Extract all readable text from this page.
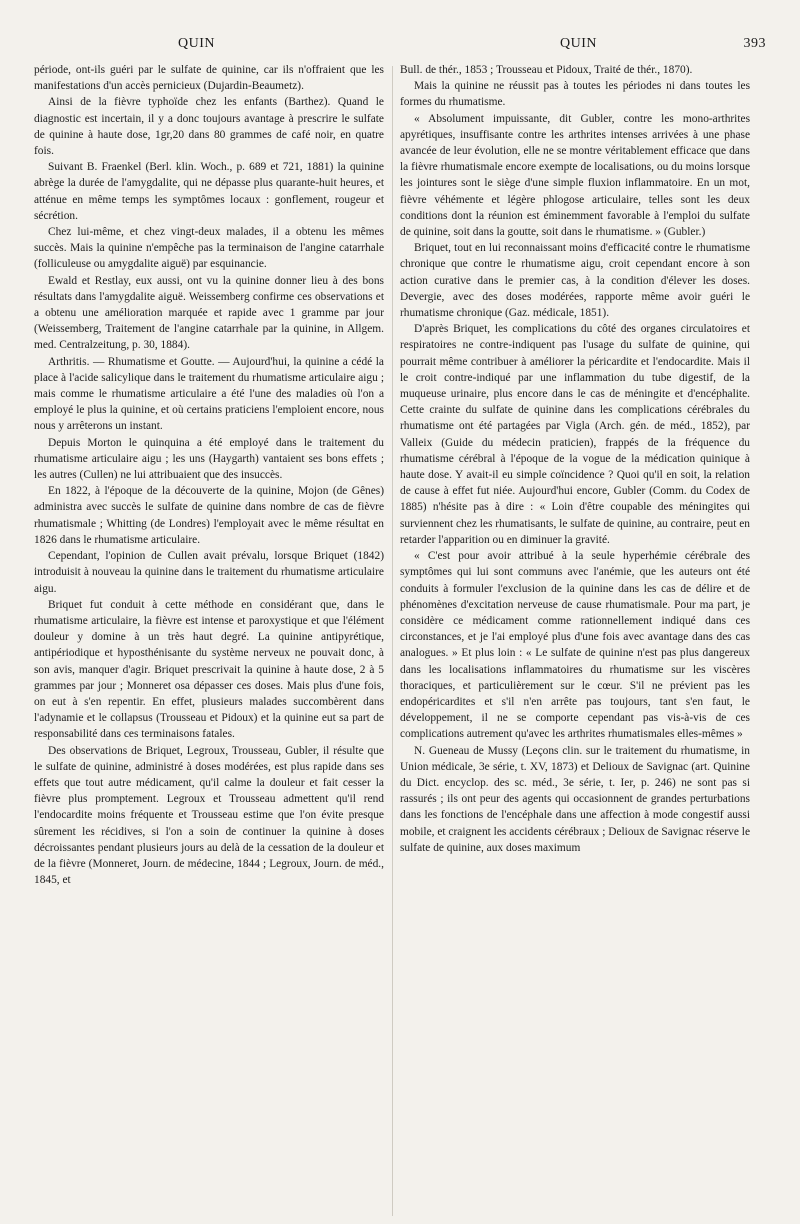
QUIN	QUIN	393

période, ont-ils guéri par le sulfate de quinine, car ils n'offraient que les manifestations d'un accès pernicieux (Dujardin-Beaumetz).

Ainsi de la fièvre typhoïde chez les enfants (Barthez). Quand le diagnostic est incertain, il y a donc toujours avantage à prescrire le sulfate de quinine à haute dose, 1gr,20 dans 80 grammes de café noir, en quatre fois.

Suivant B. Fraenkel (Berl. klin. Woch., p. 689 et 721, 1881) la quinine abrège la durée de l'amygdalite, qui ne dépasse plus quarante-huit heures, et atténue en même temps les symptômes locaux : gonflement, rougeur et sécrétion.

Chez lui-même, et chez vingt-deux malades, il a obtenu les mêmes succès. Mais la quinine n'empêche pas la terminaison de l'angine catarrhale (folliculeuse ou amygdalite aiguë) par esquinancie.

Ewald et Restlay, eux aussi, ont vu la quinine donner lieu à des bons résultats dans l'amygdalite aiguë. Weissemberg confirme ces observations et a obtenu une amélioration marquée et rapide avec 1 gramme par jour (Weissemberg, Traitement de l'angine catarrhale par la quinine, in Allgem. med. Centralzeitung, p. 30, 1884).

Arthritis. — Rhumatisme et Goutte. — Aujourd'hui, la quinine a cédé la place à l'acide salicylique dans le traitement du rhumatisme articulaire aigu ; mais comme le rhumatisme articulaire a été l'une des maladies où l'on a employé le plus la quinine, et où certains praticiens l'emploient encore, nous nous y arrêterons un instant.

Depuis Morton le quinquina a été employé dans le traitement du rhumatisme articulaire aigu ; les uns (Haygarth) vantaient ses bons effets ; les autres (Cullen) ne lui attribuaient que des insuccès.

En 1822, à l'époque de la découverte de la quinine, Mojon (de Gênes) administra avec succès le sulfate de quinine dans nombre de cas de fièvre rhumatismale ; Whitting (de Londres) l'employait avec le même résultat en 1826 dans le rhumatisme articulaire.

Cependant, l'opinion de Cullen avait prévalu, lorsque Briquet (1842) introduisit à nouveau la quinine dans le traitement du rhumatisme articulaire aigu.

Briquet fut conduit à cette méthode en considérant que, dans le rhumatisme articulaire, la fièvre est intense et paroxystique et que l'élément douleur y domine à un très haut degré. La quinine antipyrétique, antipériodique et hyposthénisante du système nerveux ne pouvait donc, à son avis, manquer d'agir. Briquet prescrivait la quinine à haute dose, 2 à 5 grammes par jour ; Monneret osa dépasser ces doses. Mais plus d'une fois, on eut à s'en repentir. En effet, plusieurs malades succombèrent dans l'adynamie et le collapsus (Trousseau et Pidoux) et la quinine eut sa part de responsabilité dans ces terminaisons fatales.

Des observations de Briquet, Legroux, Trousseau, Gubler, il résulte que le sulfate de quinine, administré à doses modérées, est plus rapide dans ses effets que tout autre médicament, qu'il calme la douleur et fait cesser la fièvre plus promptement. Legroux et Trousseau admettent qu'il rend l'endocardite moins fréquente et Trousseau estime que l'on évite presque sûrement les récidives, si l'on a soin de continuer la quinine à doses décroissantes pendant plusieurs jours au delà de la cessation de la douleur et de la fièvre (Monneret, Journ. de médecine, 1844 ; Legroux, Journ. de méd., 1845, et

Bull. de thér., 1853 ; Trousseau et Pidoux, Traité de thér., 1870).

Mais la quinine ne réussit pas à toutes les périodes ni dans toutes les formes du rhumatisme.

« Absolument impuissante, dit Gubler, contre les mono-arthrites apyrétiques, insuffisante contre les arthrites intenses arrivées à une phase avancée de leur évolution, elle ne se montre véritablement efficace que dans la fièvre rhumatismale encore exempte de localisations, ou du moins lorsque les jointures sont le siège d'une simple fluxion inflammatoire. En un mot, fièvre véhémente et légère phlogose articulaire, telles sont les deux conditions dont la réunion est éminemment favorable à l'emploi du sulfate de quinine, soit dans la goutte, soit dans le rhumatisme. » (Gubler.)

Briquet, tout en lui reconnaissant moins d'efficacité contre le rhumatisme chronique que contre le rhumatisme aigu, croit cependant encore à son action curative dans le premier cas, à la condition d'élever les doses. Devergie, avec des doses modérées, rapporte même avoir guéri le rhumatisme chronique (Gaz. médicale, 1851).

D'après Briquet, les complications du côté des organes circulatoires et respiratoires ne contre-indiquent pas l'usage du sulfate de quinine, qui pourrait même contribuer à améliorer la péricardite et l'endocardite. Mais il le croit contre-indiqué par une inflammation du tube digestif, de la muqueuse urinaire, plus encore dans le cas de méningite et d'encéphalite. Cette crainte du sulfate de quinine dans les complications cérébrales du rhumatisme ont été partagées par Vigla (Arch. gén. de méd., 1852), par Valleix (Guide du médecin praticien), frappés de la fréquence du rhumatisme cérébral à l'époque de la vogue de la médication quinique à haute dose. Y avait-il eu simple coïncidence ? Quoi qu'il en soit, la relation de cause à effet fut niée. Aujourd'hui encore, Gubler (Comm. du Codex de 1885) n'hésite pas à dire : « Loin d'être coupable des méningites qui surviennent chez les rhumatisants, le sulfate de quinine, au contraire, peut en retarder l'apparition ou en diminuer la gravité.

« C'est pour avoir attribué à la seule hyperhémie cérébrale des symptômes qui lui sont communs avec l'anémie, que les auteurs ont été conduits à formuler l'exclusion de la quinine dans les cas de délire et de phénomènes d'excitation nerveuse de cause rhumatismale. Pour ma part, je considère ce médicament comme rationnellement indiqué dans ces circonstances, et je l'ai employé plus d'une fois avec avantage dans des cas analogues. » Et plus loin : « Le sulfate de quinine n'est pas plus dangereux dans les localisations inflammatoires du rhumatisme sur les viscères thoraciques, et particulièrement sur le cœur. S'il ne prévient pas les endopéricardites et s'il n'en arrête pas toujours, tant s'en faut, le développement, il ne se comporte cependant pas vis-à-vis de ces complications autrement qu'avec les arthrites rhumatismales elles-mêmes »

N. Gueneau de Mussy (Leçons clin. sur le traitement du rhumatisme, in Union médicale, 3e série, t. XV, 1873) et Delioux de Savignac (art. Quinine du Dict. encyclop. des sc. méd., 3e série, t. Ier, p. 246) ne sont pas si rassurés ; ils ont peur des agents qui occasionnent de grandes perturbations dans les fonctions de l'encéphale dans une affection à mode congestif aussi mobile, et craignent les accidents cérébraux ; Delioux de Savignac réserve le sulfate de quinine, aux doses maximum
